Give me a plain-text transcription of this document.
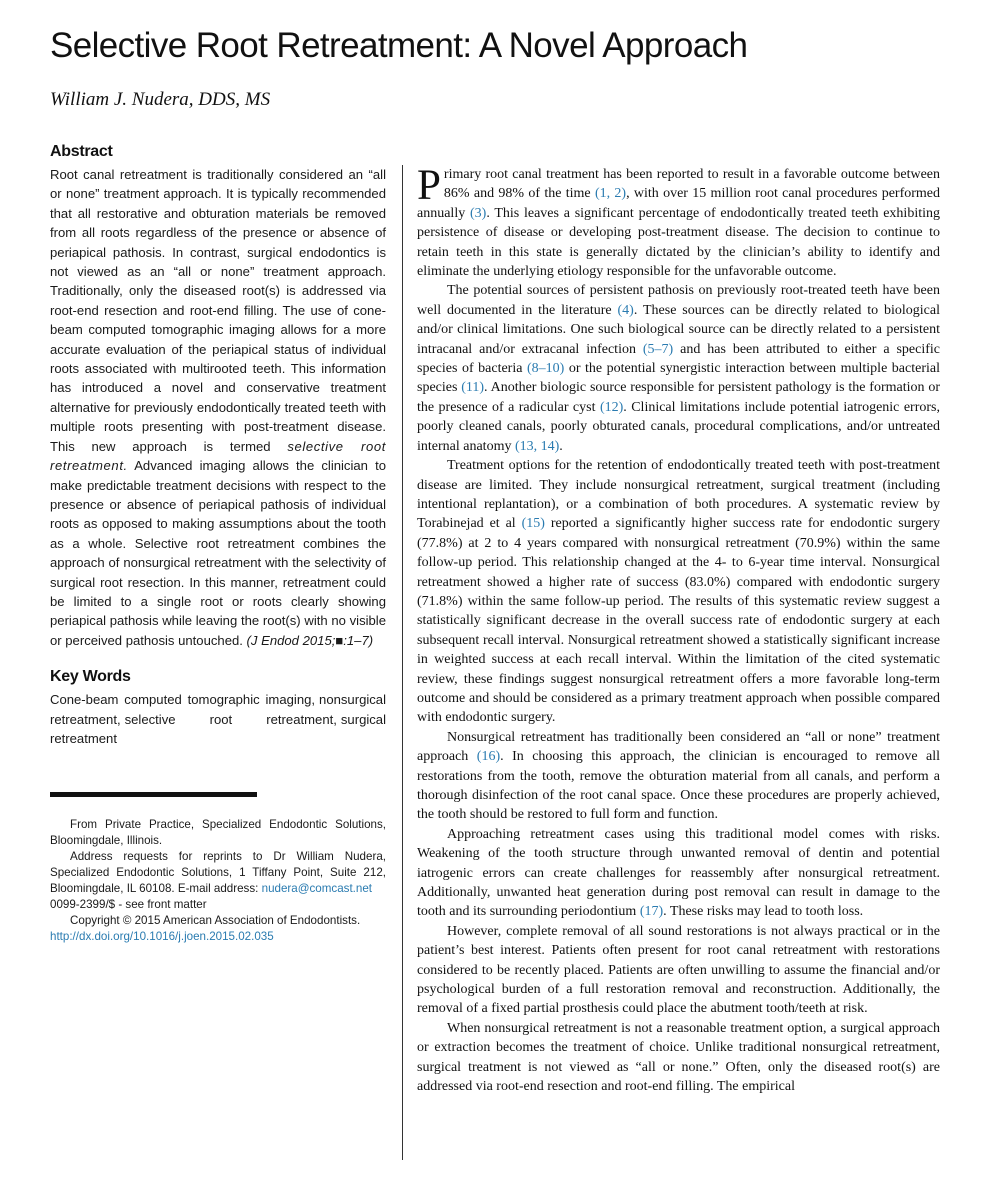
Selective Root Retreatment: A Novel Approach
William J. Nudera, DDS, MS
Abstract

Root canal retreatment is traditionally considered an “all or none” treatment approach. It is typically recommended that all restorative and obturation materials be removed from all roots regardless of the presence or absence of periapical pathosis. In contrast, surgical endodontics is not viewed as an “all or none” treatment approach. Traditionally, only the diseased root(s) is addressed via root-end resection and root-end filling. The use of cone-beam computed tomographic imaging allows for a more accurate evaluation of the periapical status of individual roots associated with multirooted teeth. This information has introduced a novel and conservative treatment alternative for previously endodontically treated teeth with multiple roots presenting with post-treatment disease. This new approach is termed selective root retreatment. Advanced imaging allows the clinician to make predictable treatment decisions with respect to the presence or absence of periapical pathosis of individual roots as opposed to making assumptions about the tooth as a whole. Selective root retreatment combines the approach of nonsurgical retreatment with the selectivity of surgical root resection. In this manner, retreatment could be limited to a single root or roots clearly showing periapical pathosis while leaving the root(s) with no visible or perceived pathosis untouched. (J Endod 2015;■:1–7)

Key Words

Cone-beam computed tomographic imaging, nonsurgical retreatment, selective root retreatment, surgical retreatment

From Private Practice, Specialized Endodontic Solutions, Bloomingdale, Illinois.

Address requests for reprints to Dr William Nudera, Specialized Endodontic Solutions, 1 Tiffany Point, Suite 212, Bloomingdale, IL 60108. E-mail address: nudera@comcast.net

0099-2399/$ - see front matter

Copyright © 2015 American Association of Endodontists.

http://dx.doi.org/10.1016/j.joen.2015.02.035

Primary root canal treatment has been reported to result in a favorable outcome between 86% and 98% of the time (1, 2), with over 15 million root canal procedures performed annually (3). This leaves a significant percentage of endodontically treated teeth exhibiting persistence of disease or developing post-treatment disease. The decision to continue to retain teeth in this state is generally dictated by the clinician’s ability to identify and eliminate the underlying etiology responsible for the unfavorable outcome.

The potential sources of persistent pathosis on previously root-treated teeth have been well documented in the literature (4). These sources can be directly related to biological and/or clinical limitations. One such biological source can be directly related to a persistent intracanal and/or extracanal infection (5–7) and has been attributed to either a specific species of bacteria (8–10) or the potential synergistic interaction between multiple bacterial species (11). Another biologic source responsible for persistent pathology is the formation or the presence of a radicular cyst (12). Clinical limitations include potential iatrogenic errors, poorly cleaned canals, poorly obturated canals, procedural complications, and/or untreated internal anatomy (13, 14).

Treatment options for the retention of endodontically treated teeth with post-treatment disease are limited. They include nonsurgical retreatment, surgical treatment (including intentional replantation), or a combination of both procedures. A systematic review by Torabinejad et al (15) reported a significantly higher success rate for endodontic surgery (77.8%) at 2 to 4 years compared with nonsurgical retreatment (70.9%) within the same follow-up period. This relationship changed at the 4- to 6-year time interval. Nonsurgical retreatment showed a higher rate of success (83.0%) compared with endodontic surgery (71.8%) within the same follow-up period. The results of this systematic review suggest a statistically significant decrease in the overall success rate of endodontic surgery at each subsequent recall interval. Nonsurgical retreatment showed a statistically significant increase in weighted success at each recall interval. Within the limitation of the cited systematic review, these findings suggest nonsurgical retreatment offers a more favorable long-term outcome and should be considered as a primary treatment approach when possible compared with endodontic surgery.

Nonsurgical retreatment has traditionally been considered an “all or none” treatment approach (16). In choosing this approach, the clinician is encouraged to remove all restorations from the tooth, remove the obturation material from all canals, and perform a thorough disinfection of the root canal space. Once these procedures are properly achieved, the tooth should be restored to full form and function.

Approaching retreatment cases using this traditional model comes with risks. Weakening of the tooth structure through unwanted removal of dentin and potential iatrogenic errors can create challenges for reassembly after nonsurgical retreatment. Additionally, unwanted heat generation during post removal can result in damage to the tooth and its surrounding periodontium (17). These risks may lead to tooth loss.

However, complete removal of all sound restorations is not always practical or in the patient’s best interest. Patients often present for root canal retreatment with restorations considered to be recently placed. Patients are often unwilling to assume the financial and/or psychological burden of a full restoration removal and reconstruction. Additionally, the removal of a fixed partial prosthesis could place the abutment tooth/teeth at risk.

When nonsurgical retreatment is not a reasonable treatment option, a surgical approach or extraction becomes the treatment of choice. Unlike traditional nonsurgical retreatment, surgical treatment is not viewed as “all or none.” Often, only the diseased root(s) are addressed via root-end resection and root-end filling. The empirical
